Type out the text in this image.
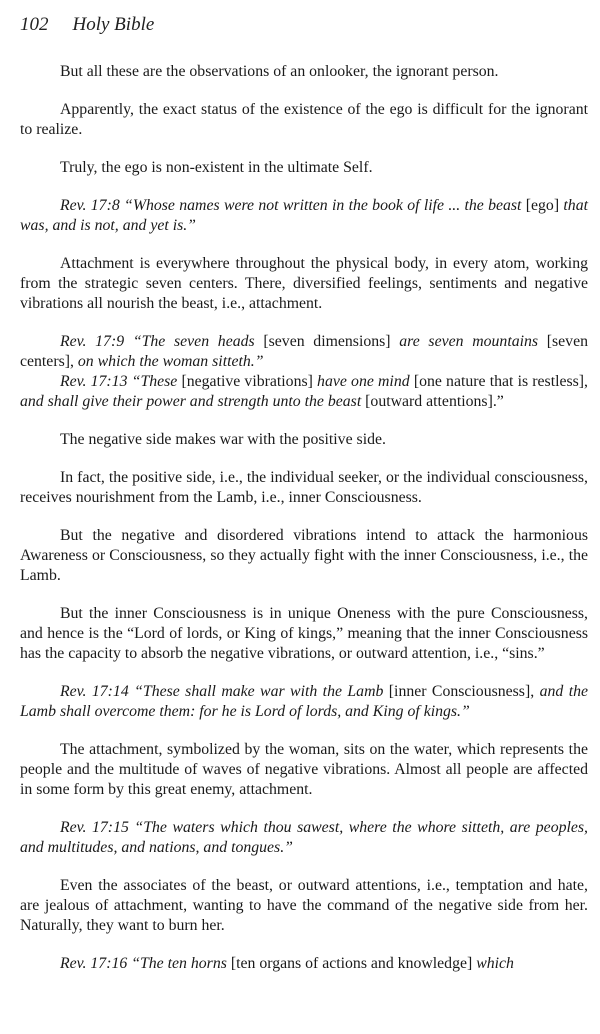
102 Holy Bible

But all these are the observations of an onlooker, the ignorant person.

Apparently, the exact status of the existence of the ego is difficult for the ignorant to realize.

Truly, the ego is non-existent in the ultimate Self.

Rev. 17:8 “Whose names were not written in the book of life ... the beast [ego] that was, and is not, and yet is.”

Attachment is everywhere throughout the physical body, in every atom, working from the strategic seven centers. There, diversified feelings, sentiments and negative vibrations all nourish the beast, i.e., attachment.

Rev. 17:9 “The seven heads [seven dimensions] are seven mountains [seven centers], on which the woman sitteth.”

Rev. 17:13 “These [negative vibrations] have one mind [one nature that is restless], and shall give their power and strength unto the beast [outward attentions].”

The negative side makes war with the positive side.

In fact, the positive side, i.e., the individual seeker, or the individual consciousness, receives nourishment from the Lamb, i.e., inner Consciousness.

But the negative and disordered vibrations intend to attack the harmonious Awareness or Consciousness, so they actually fight with the inner Consciousness, i.e., the Lamb.

But the inner Consciousness is in unique Oneness with the pure Consciousness, and hence is the “Lord of lords, or King of kings,” meaning that the inner Consciousness has the capacity to absorb the negative vibrations, or outward attention, i.e., “sins.”

Rev. 17:14 “These shall make war with the Lamb [inner Consciousness], and the Lamb shall overcome them: for he is Lord of lords, and King of kings.”

The attachment, symbolized by the woman, sits on the water, which represents the people and the multitude of waves of negative vibrations. Almost all people are affected in some form by this great enemy, attachment.

Rev. 17:15 “The waters which thou sawest, where the whore sitteth, are peoples, and multitudes, and nations, and tongues.”

Even the associates of the beast, or outward attentions, i.e., temptation and hate, are jealous of attachment, wanting to have the command of the negative side from her. Naturally, they want to burn her.

Rev. 17:16 “The ten horns [ten organs of actions and knowledge] which
